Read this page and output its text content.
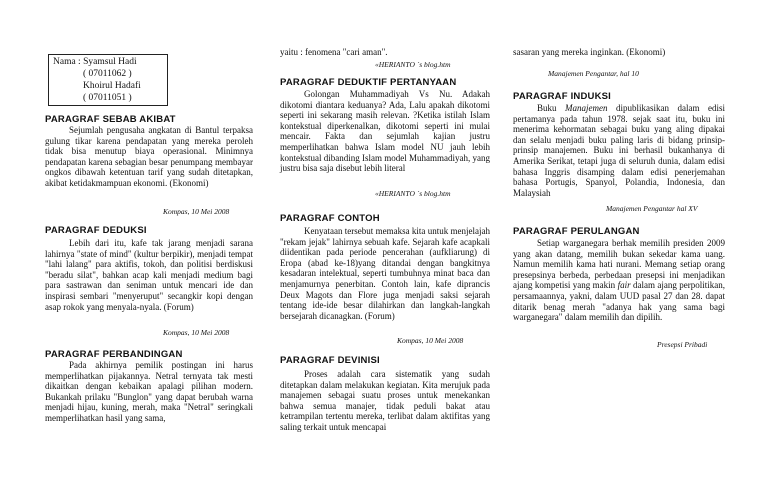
Nama : Syamsul Hadi
( 07011062 )
Khoirul Hadafi
( 07011051 )
PARAGRAF SEBAB AKIBAT

Sejumlah pengusaha angkatan di Bantul terpaksa gulung tikar karena pendapatan yang mereka peroleh tidak bisa menutup biaya operasional. Minimnya pendapatan karena sebagian besar penumpang membayar ongkos dibawah ketentuan tarif yang sudah ditetapkan, akibat ketidakmampuan ekonomi. (Ekonomi)

Kompas, 10 Mei 2008
PARAGRAF DEDUKSI

Lebih dari itu, kafe tak jarang menjadi sarana lahirnya "state of mind" (kultur berpikir), menjadi tempat "lahi lalang" para aktifis, tokoh, dan politisi berdiskusi "beradu silat", bahkan acap kali menjadi medium bagi para sastrawan dan seniman untuk mencari ide dan inspirasi sembari "menyeruput" secangkir kopi dengan asap rokok yang menyala-nyala. (Forum)

Kompas, 10 Mei 2008
PARAGRAF PERBANDINGAN

Pada akhirnya pemilik postingan ini harus memperlihatkan pijakannya. Netral ternyata tak mesti dikaitkan dengan kebaikan apalagi pilihan modern. Bukankah prilaku "Bunglon" yang dapat berubah warna menjadi hijau, kuning, merah, maka "Netral" seringkali memperlihatkan hasil yang sama,

yaitu : fenomena "cari aman".
«HERIANTO `s blog.htm
PARAGRAF DEDUKTIF PERTANYAAN

Golongan Muhammadiyah Vs Nu. Adakah dikotomi diantara keduanya? Ada, Lalu apakah dikotomi seperti ini sekarang masih relevan. ?Ketika istilah Islam kontekstual diperkenalkan, dikotomi seperti ini mulai mencair. Fakta dan sejumlah kajian justru memperlihatkan bahwa Islam model NU jauh lebih kontekstual dibanding Islam model Muhammadiyah, yang justru bisa saja disebut lebih literal

«HERIANTO `s blog.htm
PARAGRAF CONTOH

Kenyataan tersebut memaksa kita untuk menjelajah "rekam jejak" lahirnya sebuah kafe. Sejarah kafe acapkali diidentikan pada periode pencerahan (aufkliarung) di Eropa (abad ke-18)yang ditandai dengan bangkitnya kesadaran intelektual, seperti tumbuhnya minat baca dan menjamurnya penerbitan. Contoh lain, kafe diprancis Deux Magots dan Flore juga menjadi saksi sejarah tentang ide-ide besar dilahirkan dan langkah-langkah bersejarah dicanagkan. (Forum)

Kompas, 10 Mei 2008
PARAGRAF DEVINISI

Proses adalah cara sistematik yang sudah ditetapkan dalam melakukan kegiatan. Kita merujuk pada manajemen sebagai suatu proses untuk menekankan bahwa semua manajer, tidak peduli bakat atau ketrampilan tertentu mereka, terlibat dalam aktifitas yang saling terkait untuk mencapai

sasaran yang mereka inginkan. (Ekonomi)
Manajemen Pengantar, hal 10
PARAGRAF INDUKSI

Buku Manajemen dipublikasikan dalam edisi pertamanya pada tahun 1978. sejak saat itu, buku ini menerima kehormatan sebagai buku yang aling dipakai dan selalu menjadi buku paling laris di bidang prinsip-prinsip manajemen. Buku ini berhasil bukanhanya di Amerika Serikat, tetapi juga di seluruh dunia, dalam edisi bahasa Inggris disamping dalam edisi penerjemahan bahasa Portugis, Spanyol, Polandia, Indonesia, dan Malaysiah

Manajemen Pengantar hal XV
PARAGRAF PERULANGAN

Setiap warganegara berhak memilih presiden 2009 yang akan datang, memilih bukan sekedar kama uang. Namun memilih kama hati nurani. Memang setiap orang presepsinya berbeda, perbedaan presepsi ini menjadikan ajang kompetisi yang makin fair dalam ajang perpolitikan, persamaannya, yakni, dalam UUD pasal 27 dan 28. dapat ditarik benag merah "adanya hak yang sama bagi warganegara" dalam memilih dan dipilih.

Presepsi Pribadi
